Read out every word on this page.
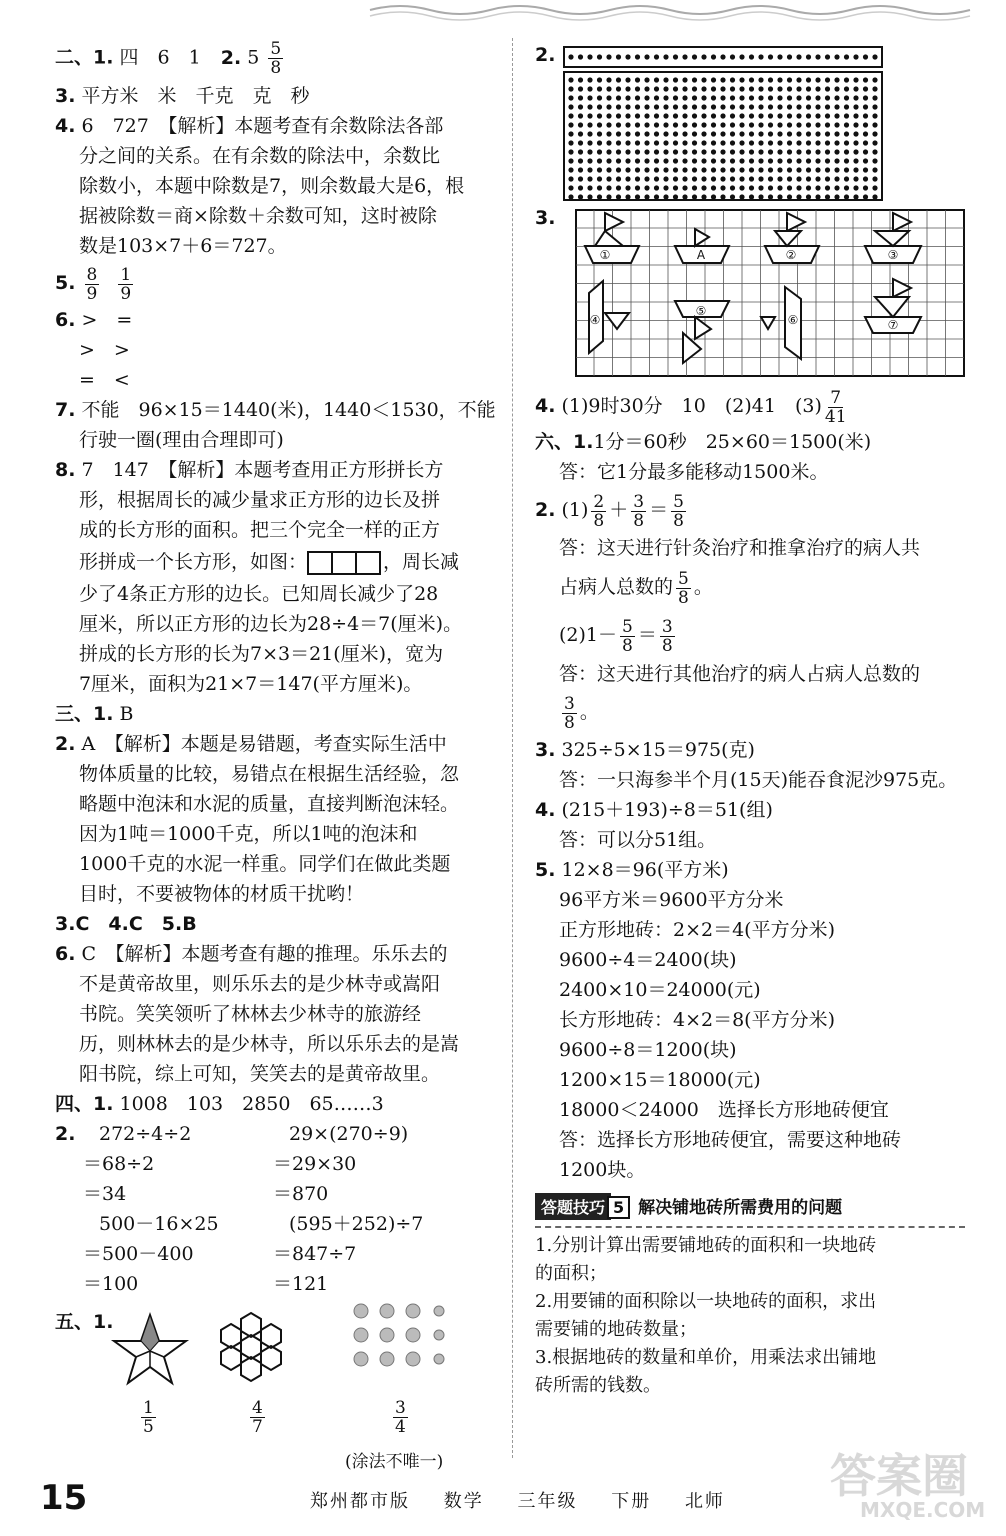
二、1. 四　6　1 2. $5 \frac{5}{8}$
3. 平方米　米　千克　克　秒
4. 6　727　【解析】本题考查有余数除法各部
分之间的关系。在有余数的除法中，余数比
除数小，本题中除数是7，则余数最大是6，根
据被除数＝商×除数＋余数可知，这时被除
数是103×7＋6＝727。
5. $\frac{8}{9}$
$\frac{1}{9}$
6. >　=
>　>
=　<
7. 不能　96×15＝1440(米)，1440＜1530，不能
行驶一圈(理由合理即可)
8. 7　147　【解析】本题考查用正方形拼长方
形，根据周长的减少量求正方形的边长及拼
成的长方形的面积。把三个完全一样的正方
形拼成一个长方形，如图：	，周长减
少了4条正方形的边长。已知周长减少了28
厘米，所以正方形的边长为28÷4＝7(厘米)。
拼成的长方形的长为7×3＝21(厘米)，宽为
7厘米，面积为21×7＝147(平方厘米)。
三、1. B
2. A　【解析】本题是易错题，考查实际生活中
物体质量的比较，易错点在根据生活经验，忽
略题中泡沫和水泥的质量，直接判断泡沫轻。
因为1吨＝1000千克，所以1吨的泡沫和
1000千克的水泥一样重。同学们在做此类题
目时，不要被物体的材质干扰哟！
3.C　4.C　5.B
6. C　【解析】本题考查有趣的推理。乐乐去的
不是黄帝故里，则乐乐去的是少林寺或嵩阳
书院。笑笑领听了林林去少林寺的旅游经
历，则林林去的是少林寺，所以乐乐去的是嵩
阳书院，综上可知，笑笑去的是黄帝故里。
四、1. 1008　103　2850　65……3
2. 272÷4÷2
＝68÷2
＝34
500－16×25
＝500－400
＝100
29×(270÷9)
＝29×30
＝870
(595＋252)÷7
＝847÷7
＝121
五、1.
$\frac{1}{5}$	$\frac{4}{7}$	$\frac{3}{4}$
(涂法不唯一)
2.
3.
①	A	②	③
④
⑤
⑥	⑦
4. (1)9时30分　10　(2)41　$(3) \frac{7}{41}$
六、1.1分＝60秒　25×60＝1500(米)
答：它1分最多能移动1500米。
2. $(1) \frac{2}{8} + \frac{3}{8} = \frac{5}{8}$
答：这天进行针灸治疗和推拿治疗的病人共
占病人总数的 $\frac{5}{8}$ 。
$(2)1- \frac{5}{8} = \frac{3}{8}$
答：这天进行其他治疗的病人占病人总数的
$\frac{3}{8}$ 。
3. 325÷5×15＝975(克)
答：一只海参半个月(15天)能吞食泥沙975克。
4. (215＋193)÷8＝51(组)
答：可以分51组。
5. 12×8＝96(平方米)
96平方米＝9600平方分米
正方形地砖：2×2＝4(平方分米)
9600÷4＝2400(块)
2400×10＝24000(元)
长方形地砖：4×2＝8(平方分米)
9600÷8＝1200(块)
1200×15＝18000(元)
18000＜24000　选择长方形地砖便宜
答：选择长方形地砖便宜，需要这种地砖
1200块。
答题技巧 5 解决铺地砖所需费用的问题
1.分别计算出需要铺地砖的面积和一块地砖
的面积；
2.用要铺的面积除以一块地砖的面积，求出
需要铺的地砖数量；
3.根据地砖的数量和单价，用乘法求出铺地
砖所需的钱数。
15	郑州都市版 数学 三年级 下册 北师	答案圈
MXQE.COM
